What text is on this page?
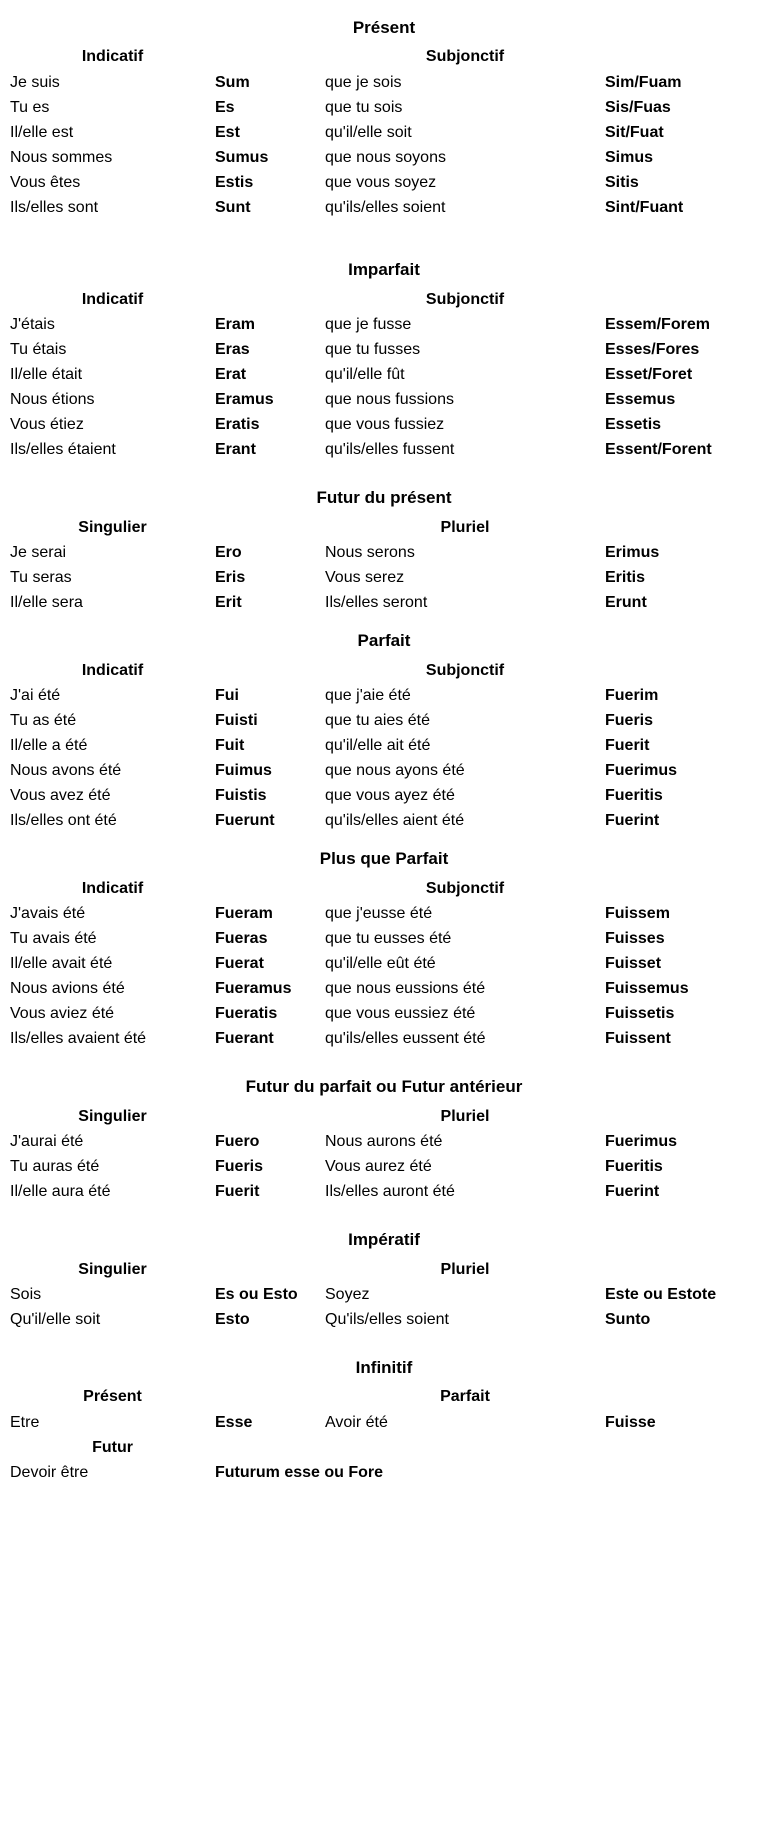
Présent
Indicatif		Subjonctif	
Je suis	Sum	que je sois	Sim/Fuam
Tu es	Es	que tu sois	Sis/Fuas
Il/elle est	Est	qu'il/elle soit	Sit/Fuat
Nous sommes	Sumus	que nous soyons	Simus
Vous êtes	Estis	que vous soyez	Sitis
Ils/elles sont	Sunt	qu'ils/elles soient	Sint/Fuant
Imparfait
Indicatif		Subjonctif	
J'étais	Eram	que je fusse	Essem/Forem
Tu étais	Eras	que tu fusses	Esses/Fores
Il/elle était	Erat	qu'il/elle fût	Esset/Foret
Nous étions	Eramus	que nous fussions	Essemus
Vous étiez	Eratis	que vous fussiez	Essetis
Ils/elles étaient	Erant	qu'ils/elles fussent	Essent/Forent
Futur du présent
Singulier		Pluriel	
Je serai	Ero	Nous serons	Erimus
Tu seras	Eris	Vous serez	Eritis
Il/elle sera	Erit	Ils/elles seront	Erunt
Parfait
Indicatif		Subjonctif	
J'ai été	Fui	que j'aie été	Fuerim
Tu as été	Fuisti	que tu aies été	Fueris
Il/elle a été	Fuit	qu'il/elle ait été	Fuerit
Nous avons été	Fuimus	que nous ayons été	Fuerimus
Vous avez été	Fuistis	que vous ayez été	Fueritis
Ils/elles ont été	Fuerunt	qu'ils/elles aient été	Fuerint
Plus que Parfait
Indicatif		Subjonctif	
J'avais été	Fueram	que j'eusse été	Fuissem
Tu avais été	Fueras	que tu eusses été	Fuisses
Il/elle avait été	Fuerat	qu'il/elle eût été	Fuisset
Nous avions été	Fueramus	que nous eussions été	Fuissemus
Vous aviez été	Fueratis	que vous eussiez été	Fuissetis
Ils/elles avaient été	Fuerant	qu'ils/elles eussent été	Fuissent
Futur du parfait ou Futur antérieur
Singulier		Pluriel	
J'aurai été	Fuero	Nous aurons été	Fuerimus
Tu auras été	Fueris	Vous aurez été	Fueritis
Il/elle aura été	Fuerit	Ils/elles auront été	Fuerint
Impératif
Singulier		Pluriel	
Sois	Es ou Esto	Soyez	Este ou Estote
Qu'il/elle soit	Esto	Qu'ils/elles soient	Sunto
Infinitif
Présent		Parfait	
Etre	Esse	Avoir été	Fuisse
Futur			
Devoir être	Futurum esse ou Fore		
